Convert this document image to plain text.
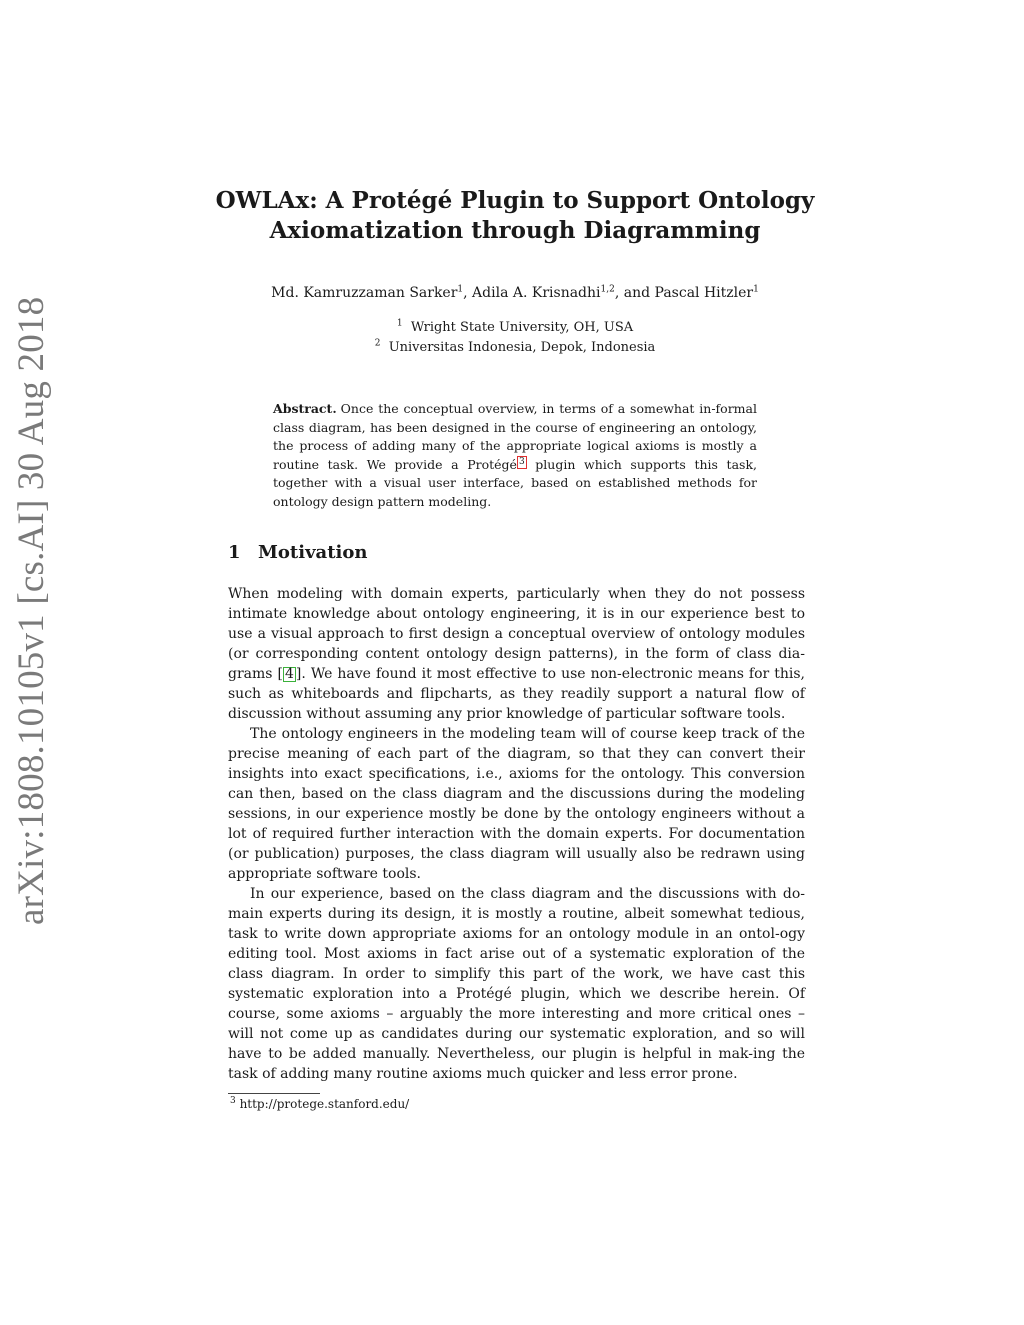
arXiv:1808.10105v1 [cs.AI] 30 Aug 2018
OWLAx: A Protégé Plugin to Support Ontology
Axiomatization through Diagramming
Md. Kamruzzaman Sarker$^1$, Adila A. Krisnadhi$^{1,2}$, and Pascal Hitzler$^1$
$^1$ Wright State University, OH, USA
$^2$ Universitas Indonesia, Depok, Indonesia
Abstract. Once the conceptual overview, in terms of a somewhat in-formal class diagram, has been designed in the course of engineering an ontology, the process of adding many of the appropriate logical axioms is mostly a routine task. We provide a Protégé 3 plugin which supports this task, together with a visual user interface, based on established methods for ontology design pattern modeling.
1 Motivation

When modeling with domain experts, particularly when they do not possess intimate knowledge about ontology engineering, it is in our experience best to use a visual approach to first design a conceptual overview of ontology modules (or corresponding content ontology design patterns), in the form of class dia-grams [ 4 ]. We have found it most effective to use non-electronic means for this, such as whiteboards and flipcharts, as they readily support a natural flow of discussion without assuming any prior knowledge of particular software tools.

The ontology engineers in the modeling team will of course keep track of the precise meaning of each part of the diagram, so that they can convert their insights into exact specifications, i.e., axioms for the ontology. This conversion can then, based on the class diagram and the discussions during the modeling sessions, in our experience mostly be done by the ontology engineers without a lot of required further interaction with the domain experts. For documentation (or publication) purposes, the class diagram will usually also be redrawn using appropriate software tools.

In our experience, based on the class diagram and the discussions with do-main experts during its design, it is mostly a routine, albeit somewhat tedious, task to write down appropriate axioms for an ontology module in an ontol-ogy editing tool. Most axioms in fact arise out of a systematic exploration of the class diagram. In order to simplify this part of the work, we have cast this systematic exploration into a Protégé plugin, which we describe herein. Of course, some axioms – arguably the more interesting and more critical ones – will not come up as candidates during our systematic exploration, and so will have to be added manually. Nevertheless, our plugin is helpful in mak-ing the task of adding many routine axioms much quicker and less error prone.

$^3$ http://protege.stanford.edu/
